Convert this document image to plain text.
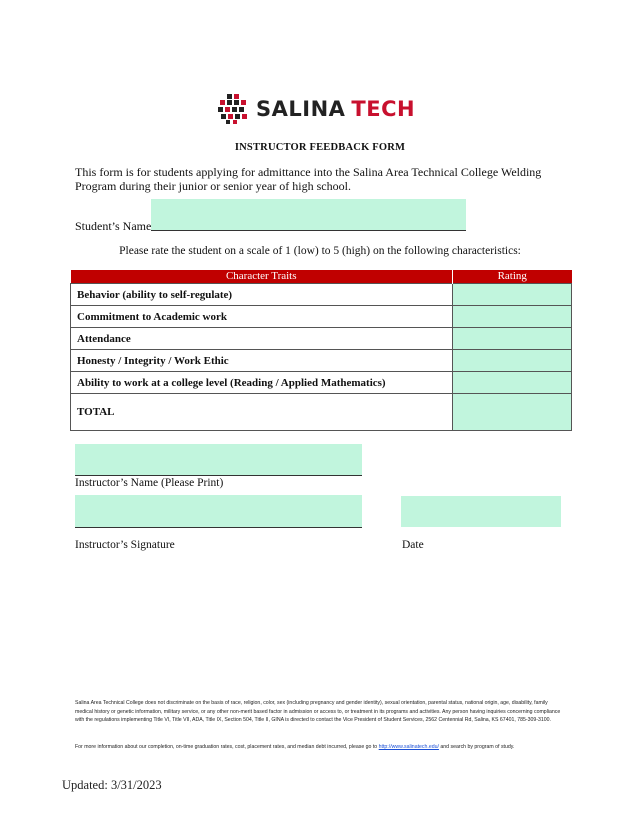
SALINA TECH
INSTRUCTOR FEEDBACK FORM
This form is for students applying for admittance into the Salina Area Technical College Welding Program during their junior or senior year of high school.
Student’s Name
Please rate the student on a scale of 1 (low) to 5 (high) on the following characteristics:
Character Traits	Rating
Behavior (ability to self-regulate)	
Commitment to Academic work	
Attendance	
Honesty / Integrity / Work Ethic	
Ability to work at a college level (Reading / Applied Mathematics)	
TOTAL	
Instructor’s Name (Please Print)
Instructor’s Signature	Date
Salina Area Technical College does not discriminate on the basis of race, religion, color, sex (including pregnancy and gender identity), sexual orientation, parental status, national origin, age, disability, family medical history or genetic information, military service, or any other non-merit based factor in admission or access to, or treatment in its programs and activities. Any person having inquiries concerning compliance with the regulations implementing Title VI, Title VII, ADA, Title IX, Section 504, Title II, GINA is directed to contact the Vice President of Student Services, 2562 Centennial Rd, Salina, KS 67401, 785-309-3100.
For more information about our completion, on-time graduation rates, cost, placement rates, and median debt incurred, please go to http://www.salinatech.edu/ and search by program of study.
Updated: 3/31/2023
